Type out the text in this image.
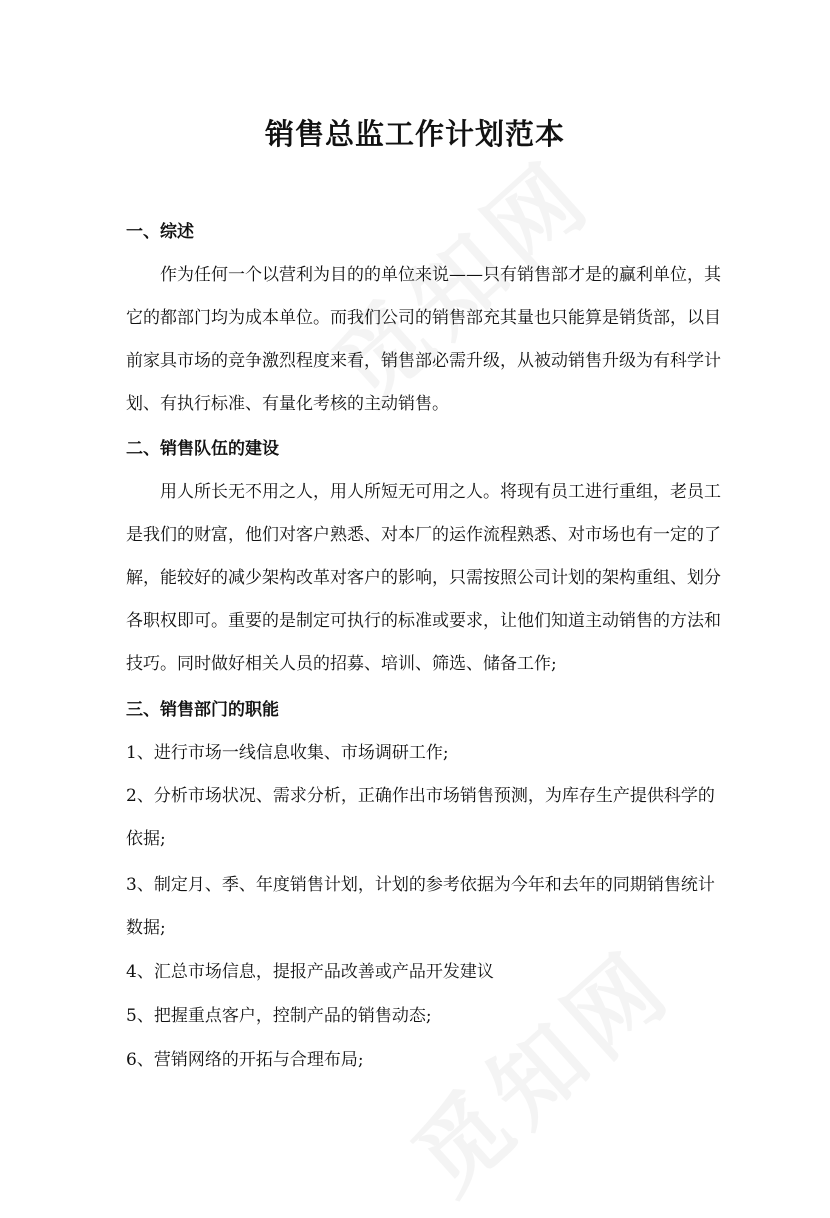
销售总监工作计划范本
一、综述
作为任何一个以营利为目的的单位来说——只有销售部才是的赢利单位，其
它的都部门均为成本单位。而我们公司的销售部充其量也只能算是销货部，以目
前家具市场的竞争激烈程度来看，销售部必需升级，从被动销售升级为有科学计
划、有执行标准、有量化考核的主动销售。
二、销售队伍的建设
用人所长无不用之人，用人所短无可用之人。将现有员工进行重组，老员工
是我们的财富，他们对客户熟悉、对本厂的运作流程熟悉、对市场也有一定的了
解，能较好的减少架构改革对客户的影响，只需按照公司计划的架构重组、划分
各职权即可。重要的是制定可执行的标准或要求，让他们知道主动销售的方法和
技巧。同时做好相关人员的招募、培训、筛选、储备工作;
三、销售部门的职能
1、进行市场一线信息收集、市场调研工作;
2、分析市场状况、需求分析，正确作出市场销售预测，为库存生产提供科学的
依据;
3、制定月、季、年度销售计划，计划的参考依据为今年和去年的同期销售统计
数据;
4、汇总市场信息，提报产品改善或产品开发建议
5、把握重点客户，控制产品的销售动态;
6、营销网络的开拓与合理布局;
